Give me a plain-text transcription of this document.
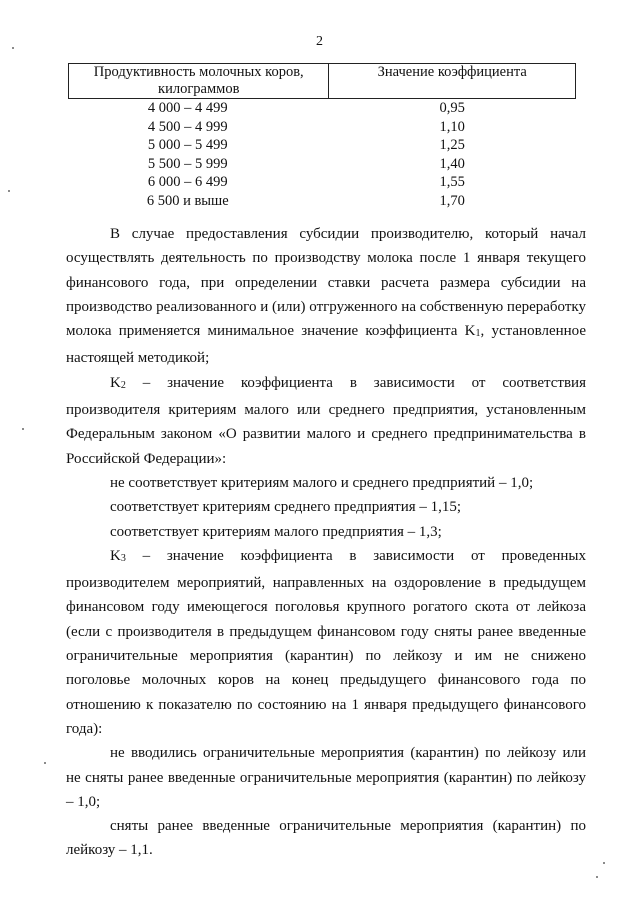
2
Продуктивность молочных коров, килограммов	Значение коэффициента
4 000 – 4 499	0,95
4 500 – 4 999	1,10
5 000 – 5 499	1,25
5 500 – 5 999	1,40
6 000 – 6 499	1,55
6 500 и выше	1,70

В случае предоставления субсидии производителю, который начал осуществлять деятельность по производству молока после 1 января текущего финансового года, при определении ставки расчета размера субсидии на производство реализованного и (или) отгруженного на собственную переработку молока применяется минимальное значение коэффициента K1, установленное настоящей методикой;

K2 – значение коэффициента в зависимости от соответствия производителя критериям малого или среднего предприятия, установленным Федеральным законом «О развитии малого и среднего предпринимательства в Российской Федерации»:

не соответствует критериям малого и среднего предприятий – 1,0;

соответствует критериям среднего предприятия – 1,15;

соответствует критериям малого предприятия – 1,3;

K3 – значение коэффициента в зависимости от проведенных производителем мероприятий, направленных на оздоровление в предыдущем финансовом году имеющегося поголовья крупного рогатого скота от лейкоза (если с производителя в предыдущем финансовом году сняты ранее введенные ограничительные мероприятия (карантин) по лейкозу и им не снижено поголовье молочных коров на конец предыдущего финансового года по отношению к показателю по состоянию на 1 января предыдущего финансового года):

не вводились ограничительные мероприятия (карантин) по лейкозу или не сняты ранее введенные ограничительные мероприятия (карантин) по лейкозу – 1,0;

сняты ранее введенные ограничительные мероприятия (карантин) по лейкозу – 1,1.
